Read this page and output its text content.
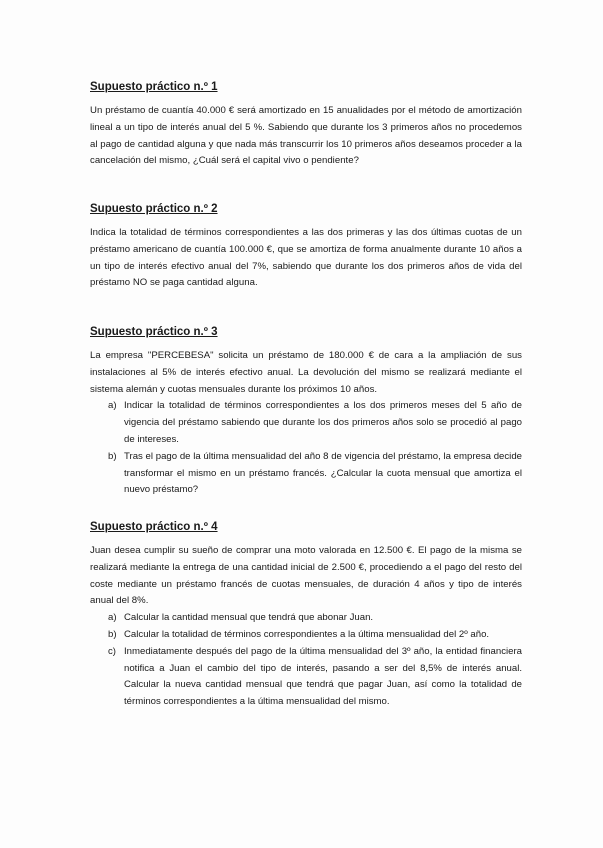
Supuesto práctico n.º 1

Un préstamo de cuantía 40.000 € será amortizado en 15 anualidades por el método de amortización lineal a un tipo de interés anual del 5 %. Sabiendo que durante los 3 primeros años no procedemos al pago de cantidad alguna y que nada más transcurrir los 10 primeros años deseamos proceder a la cancelación del mismo, ¿Cuál será el capital vivo o pendiente?

Supuesto práctico n.º 2

Indica la totalidad de términos correspondientes a las dos primeras y las dos últimas cuotas de un préstamo americano de cuantía 100.000 €, que se amortiza de forma anualmente durante 10 años a un tipo de interés efectivo anual del 7%, sabiendo que durante los dos primeros años de vida del préstamo NO se paga cantidad alguna.

Supuesto práctico n.º 3

La empresa "PERCEBESA" solicita un préstamo de 180.000 € de cara a la ampliación de sus instalaciones al 5% de interés efectivo anual. La devolución del mismo se realizará mediante el sistema alemán y cuotas mensuales durante los próximos 10 años.

a) Indicar la totalidad de términos correspondientes a los dos primeros meses del 5 año de vigencia del préstamo sabiendo que durante los dos primeros años solo se procedió al pago de intereses.
b) Tras el pago de la última mensualidad del año 8 de vigencia del préstamo, la empresa decide transformar el mismo en un préstamo francés. ¿Calcular la cuota mensual que amortiza el nuevo préstamo?
Supuesto práctico n.º 4

Juan desea cumplir su sueño de comprar una moto valorada en 12.500 €. El pago de la misma se realizará mediante la entrega de una cantidad inicial de 2.500 €, procediendo a el pago del resto del coste mediante un préstamo francés de cuotas mensuales, de duración 4 años y tipo de interés anual del 8%.

a) Calcular la cantidad mensual que tendrá que abonar Juan.
b) Calcular la totalidad de términos correspondientes a la última mensualidad del 2º año.
c) Inmediatamente después del pago de la última mensualidad del 3º año, la entidad financiera notifica a Juan el cambio del tipo de interés, pasando a ser del 8,5% de interés anual. Calcular la nueva cantidad mensual que tendrá que pagar Juan, así como la totalidad de términos correspondientes a la última mensualidad del mismo.
